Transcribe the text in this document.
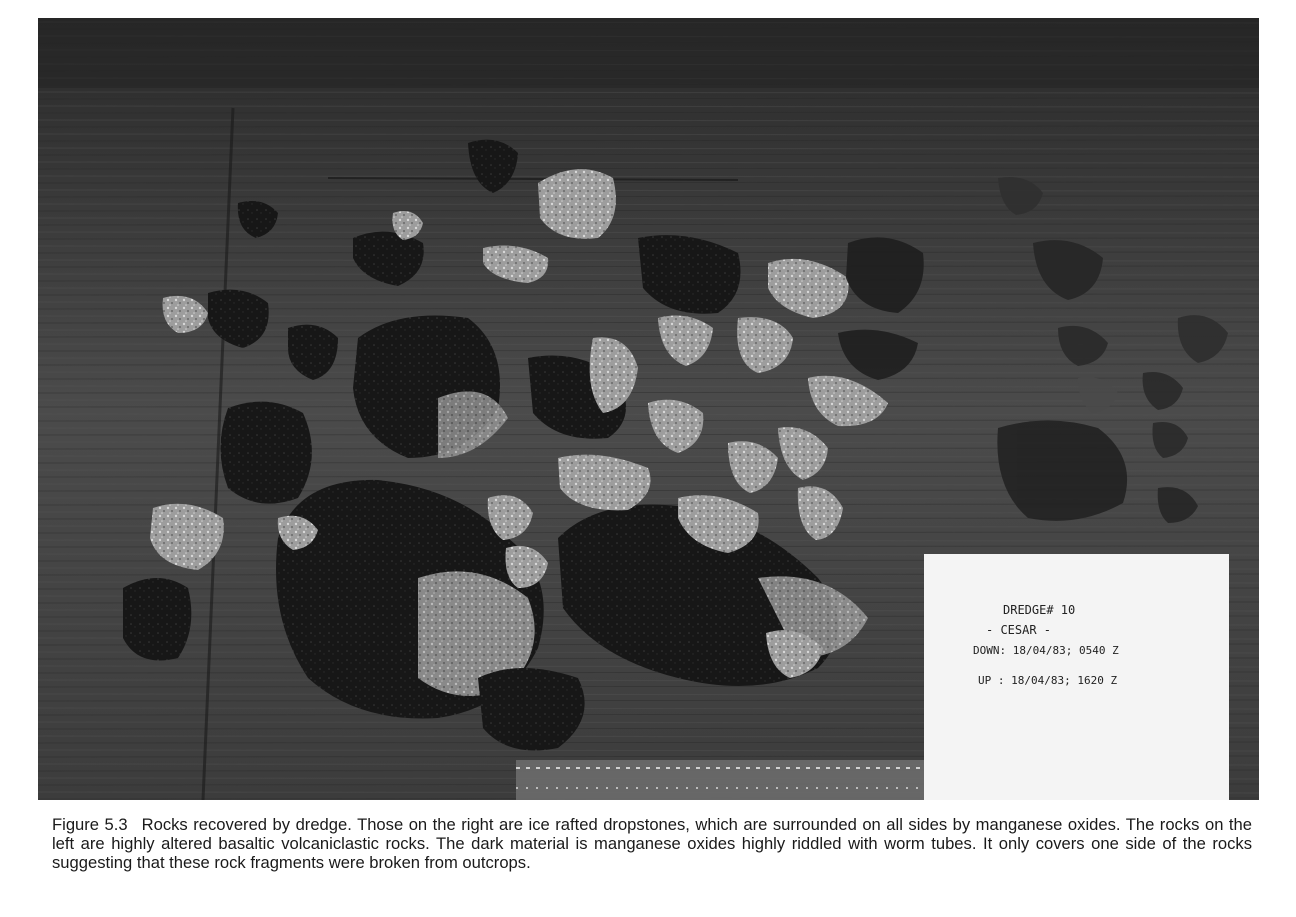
DREDGE# 10
- CESAR -
DOWN: 18/04/83; 0540 Z
UP : 18/04/83; 1620 Z
Figure 5.3 Rocks recovered by dredge. Those on the right are ice rafted dropstones, which are surrounded on all sides by manganese oxides. The rocks on the left are highly altered basaltic volcaniclastic rocks. The dark material is manganese oxides highly riddled with worm tubes. It only covers one side of the rocks suggesting that these rock fragments were broken from outcrops.
